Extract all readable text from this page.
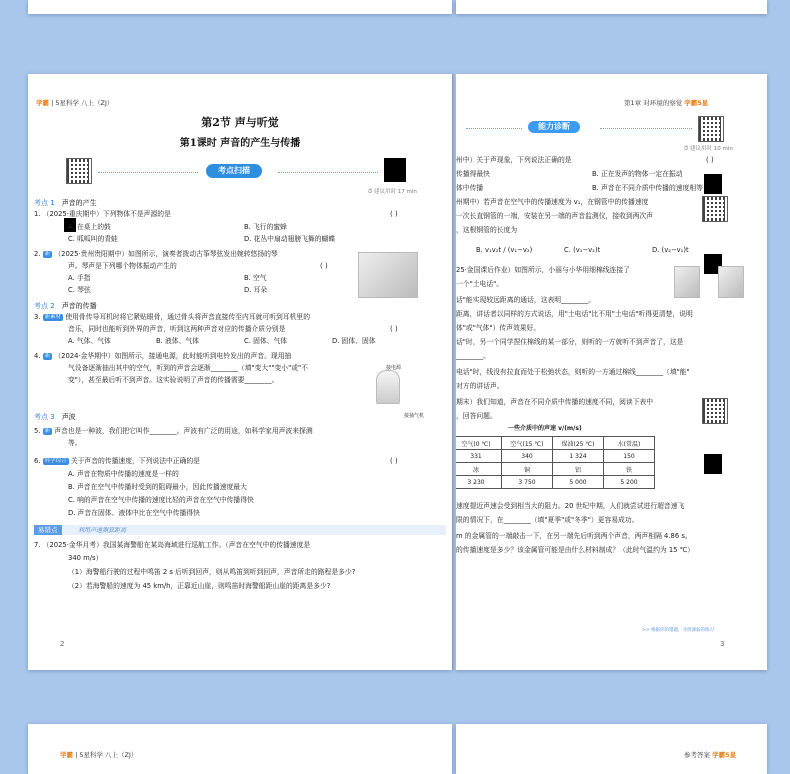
学霸 | 5星科学 八上（ZJ）
第2节 声与听觉
第1课时 声音的产生与传播
考点扫描
⏱ 建议用时 17 min
考点 1　 声音的产生
1. （2025·重庆期中）下列物体不是声源的是	( )
A. 在桌上的鼓	B. 飞行的蜜蜂
C. 呱呱叫的青蛙	D. 花丛中扇动翅膀飞舞的蝴蝶
2. 新 （2025·贵州贵阳期中）如图所示，演奏者拨动古筝琴弦发出婉转悠扬的琴
声。琴声是下列哪个物体振动产生的	( )
A. 手指	B. 空气
C. 琴弦	D. 耳朵
考点 2　 声音的传播
3. 新素材 使用骨传导耳机时将它紧贴眼骨，通过骨头将声音直接传至内耳就可听到耳机里的
音乐，同时也能听到外界的声音，听到这两种声音对应的传播介质分别是	( )
A. 气体、气体	B. 液体、气体	C. 固体、气体	D. 固体、固体
4. 新 （2024·金华期中）如图所示，接通电源，此时能听到电铃发出的声音。现用抽
气设备逐渐抽出其中的空气，听到的声音会逐渐________（填"变大""变小"或"不
变"），甚至最后听不到声音。这实验说明了声音的传播需要________。
接电源
接抽气机
考点 3　 声波
5. 新 声音也是一种波，我们把它叫作________。声波有广泛的用途，如科学家用声波来探测
等。
6. 科学综合 关于声音的传播速度，下列说法中正确的是	( )
A. 声音在物质中传播的速度是一样的
B. 声音在空气中传播时受到的阻碍最小，因此传播速度最大
C. 响的声音在空气中传播的速度比轻的声音在空气中传播得快
D. 声音在固体、液体中比在空气中传播得快
易错点	利用声速测算距离
7. （2025·金华月考）我国某海警船在某岛海域进行巡航工作。（声音在空气中的传播速度是
340 m/s）
（1）海警船行驶的过程中鸣笛 2 s 后听到回声，则从鸣笛到听到回声，声音所走的路程是多少?
（2）若海警船的速度为 45 km/h，正靠近山崖，则鸣笛时海警船距山崖的距离是多少?
2
第1章 对环境的察觉 学霸5星
能力诊断
⏱ 建议用时 10 min
州中）关于声现象，下列说法正确的是	( )
传播得最快	B. 正在发声的物体一定在振动
体中传播	B. 声音在不同介质中传播的速度相等
州期中）若声音在空气中的传播速度为 v₁，在钢管中的传播速度
一次长直钢管的一端，安装在另一端的声音监测仪，接收到两次声
，这根钢管的长度为
B. v₁v₂t / (v₁−v₂)	C. (v₁−v₂)t	D. (v₂−v₁)t
25·金国课后作业）如图所示，小丽与小华用细棉线连接了
一个"土电话"。
话"能实现较远距离的通话，这表明________。
距离，讲话者以同样的方式说话，用"土电话"比不用"土电话"听得更清楚，说明
体"或"气体"）传声效果好。
话"时，另一个同学捏住棉线的某一部分，则听的一方就听不到声音了，这是
________。
电话"时，线没有拉直而处于松弛状态，则听的一方通过棉线________（填"能"
对方的讲话声。
期末）我们知道，声音在不同介质中传播的速度不同，阅读下表中
，回答问题。
一些介质中的声速 v/(m/s)
空气(0 ℃)	空气(15 ℃)	煤油(25 ℃)	水(常温)
331	340	1 324	150
冰	铜	铝	铁
3 230	3 750	5 000	5 200
速度提近声速会受到相当大的阻力。20 世纪中期，人们就尝试进行超音速飞
限的情况下，在________（填"夏季"或"冬季"）更容易成功。
m 的金属管的一端敲击一下，在另一端先后听到两个声音，两声相隔 4.86 s。
的传播速度是多少？该金属管可能是由什么材料制成？（此时气温约为 15 ℃）
>> 根据你的错题，寻找薄弱的练习
3
学霸 | 5星科学 八上（ZJ）	参考答案 学霸5星
